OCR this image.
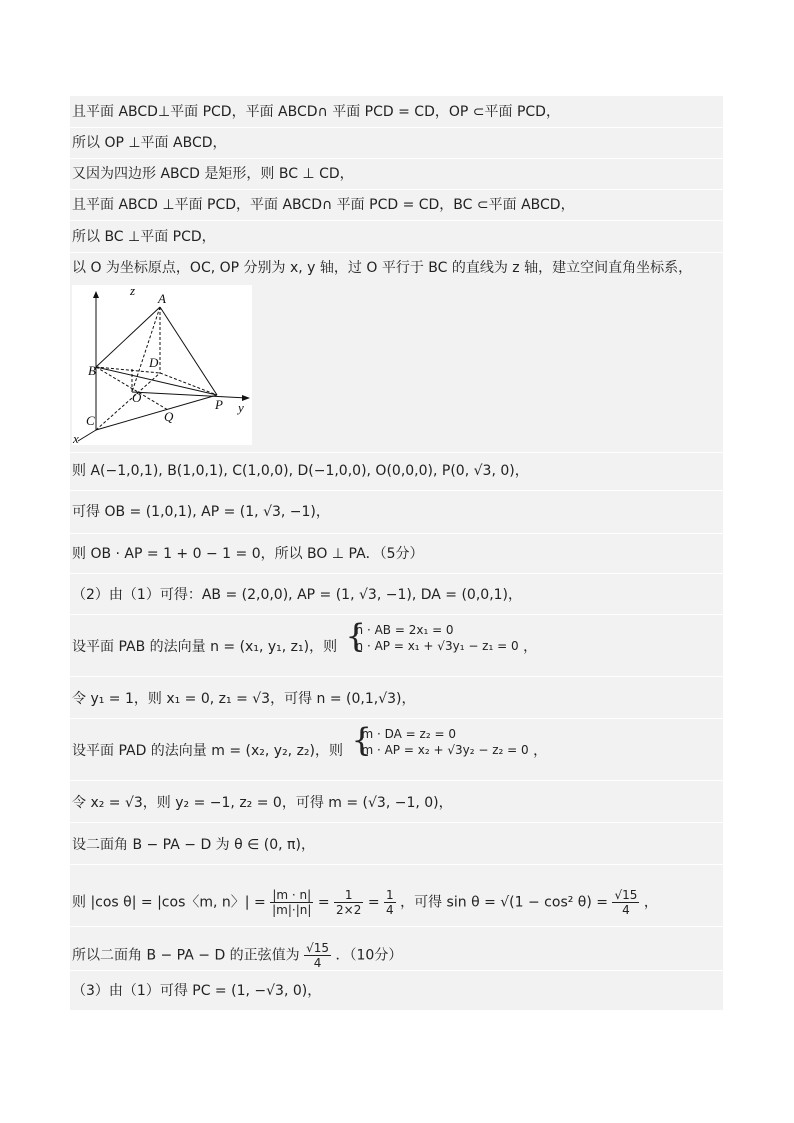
且平面 ABCD⊥平面 PCD，平面 ABCD∩ 平面 PCD = CD，OP ⊂平面 PCD，
所以 OP ⊥平面 ABCD，
又因为四边形 ABCD 是矩形，则 BC ⊥ CD，
且平面 ABCD ⊥平面 PCD，平面 ABCD∩ 平面 PCD = CD，BC ⊂平面 ABCD，
所以 BC ⊥平面 PCD，
以 O 为坐标原点，OC, OP 分别为 x, y 轴，过 O 平行于 BC 的直线为 z 轴，建立空间直角坐标系，
z
A
D
B
O	P y
C	Q
x
则 A(−1,0,1), B(1,0,1), C(1,0,0), D(−1,0,0), O(0,0,0), P(0, √3, 0)，
可得 OB = (1,0,1), AP = (1, √3, −1)，
则 OB · AP = 1 + 0 − 1 = 0，所以 BO ⊥ PA．（5分）
（2）由（1）可得：AB = (2,0,0), AP = (1, √3, −1), DA = (0,0,1)，
设平面 PAB 的法向量 n = (x₁, y₁, z₁)，则 {
n · AB = 2x₁ = 0
n · AP = x₁ + √3y₁ − z₁ = 0 ，
令 y₁ = 1，则 x₁ = 0, z₁ = √3，可得 n = (0,1,√3)，
设平面 PAD 的法向量 m = (x₂, y₂, z₂)，则 {
m · DA = z₂ = 0
m · AP = x₂ + √3y₂ − z₂ = 0 ，
令 x₂ = √3，则 y₂ = −1, z₂ = 0，可得 m = (√3, −1, 0)，
设二面角 B − PA − D 为 θ ∈ (0, π)，
则 |cos θ| = |cos〈m, n〉| = $\frac{|m \cdot n|}{|m|\cdot|n|} = \frac{1}{2\times 2} = \frac{1}{4}$ ，可得 sin θ = √(1 − cos² $\theta) = \frac{√15}{4}$ ，
所以二面角 B − PA − D 的正弦值为 $\frac{√15}{4}$ ．（10分）
（3）由（1）可得 PC = (1, −√3, 0)，
